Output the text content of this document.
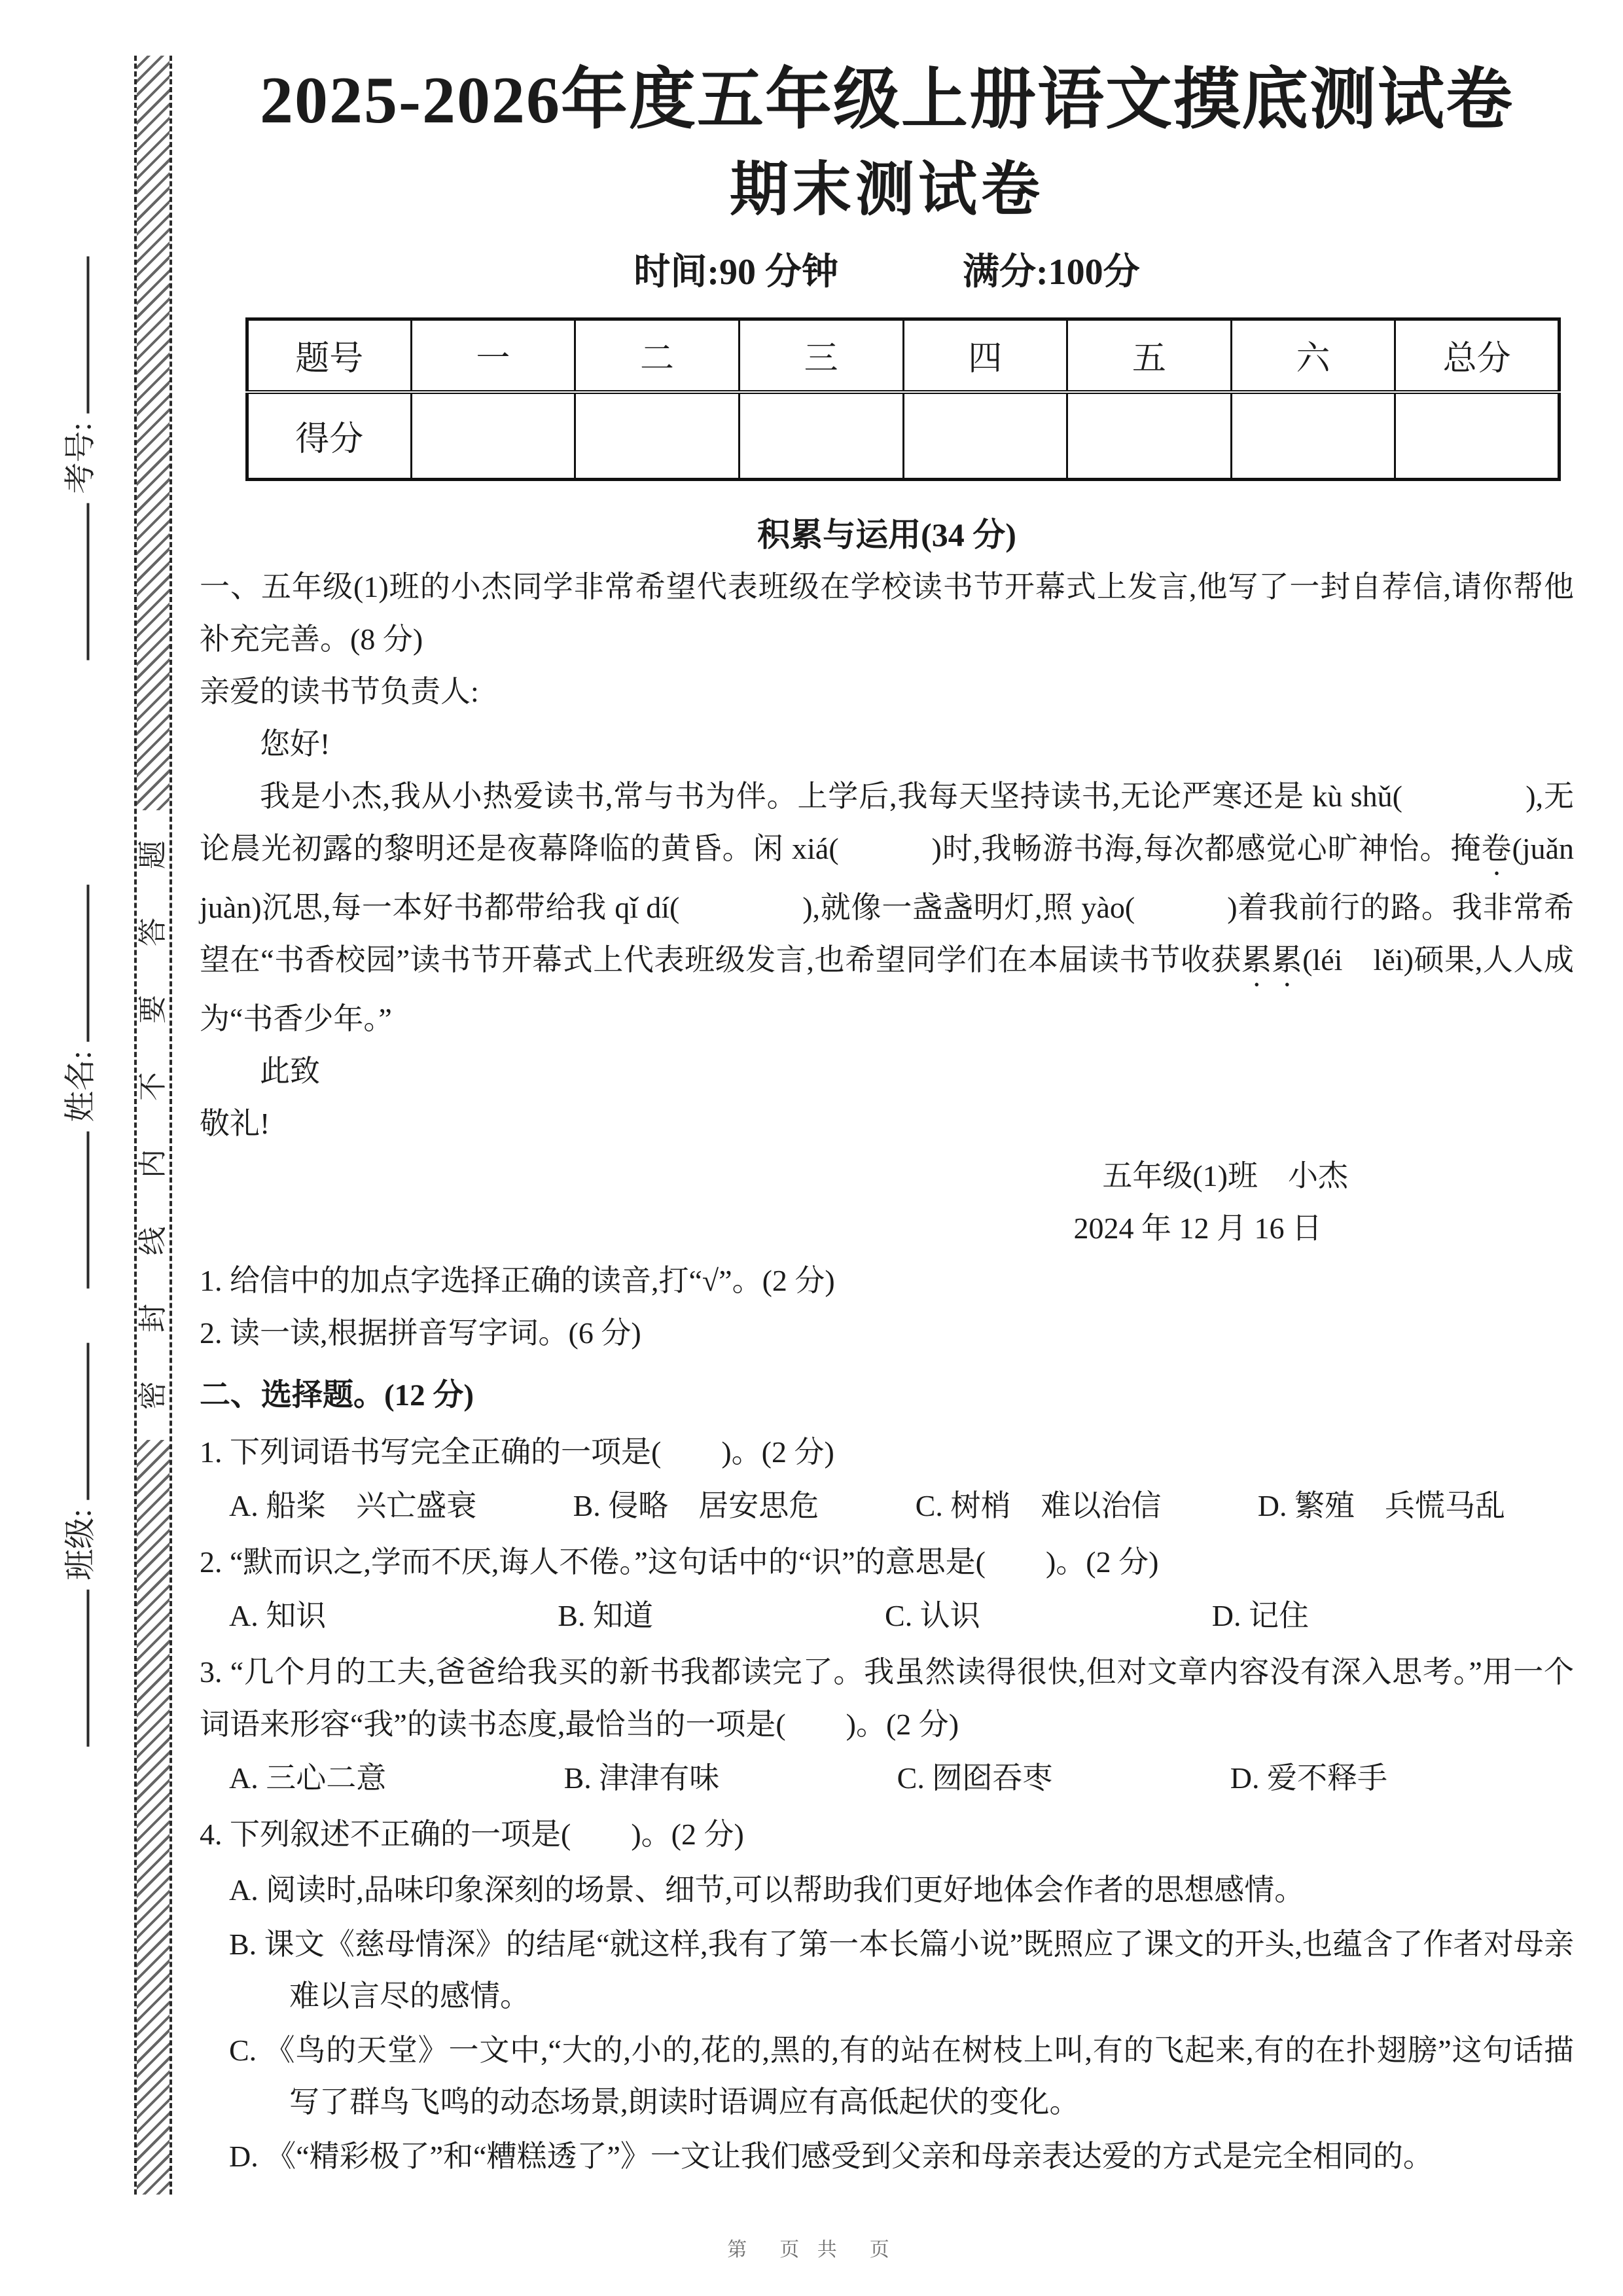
考号:
姓名:
班级:
题
答
要
不
内
线
封
密
2025-2026年度五年级上册语文摸底测试卷
期末测试卷
时间:90 分钟	满分:100分
题号	一	二	三	四	五	六	总分
得分							
积累与运用(34 分)

一、五年级(1)班的小杰同学非常希望代表班级在学校读书节开幕式上发言,他写了一封自荐信,请你帮他补充完善。(8 分)

亲爱的读书节负责人:

您好!

我是小杰,我从小热爱读书,常与书为伴。上学后,我每天坚持读书,无论严寒还是 kù shǔ(　　　　),无论晨光初露的黎明还是夜幕降临的黄昏。闲 xiá(　　　)时,我畅游书海,每次都感觉心旷神怡。掩卷(juǎn　juàn)沉思,每一本好书都带给我 qǐ dí(　　　　),就像一盏盏明灯,照 yào(　　　)着我前行的路。我非常希望在“书香校园”读书节开幕式上代表班级发言,也希望同学们在本届读书节收获累累(léi　lěi)硕果,人人成为“书香少年。”

此致

敬礼!

五年级(1)班　小杰
2024 年 12 月 16 日

1. 给信中的加点字选择正确的读音,打“√”。(2 分)

2. 读一读,根据拼音写字词。(6 分)

二、选择题。(12 分)
1. 下列词语书写完全正确的一项是(　　)。(2 分)
A. 船桨　兴亡盛衰	B. 侵略　居安思危	C. 树梢　难以治信	D. 繁殖　兵慌马乱
2. “默而识之,学而不厌,诲人不倦。”这句话中的“识”的意思是(　　)。(2 分)
A. 知识	B. 知道	C. 认识	D. 记住
3. “几个月的工夫,爸爸给我买的新书我都读完了。我虽然读得很快,但对文章内容没有深入思考。”用一个词语来形容“我”的读书态度,最恰当的一项是(　　)。(2 分)
A. 三心二意	B. 津津有味	C. 囫囵吞枣	D. 爱不释手
4. 下列叙述不正确的一项是(　　)。(2 分)
A. 阅读时,品味印象深刻的场景、细节,可以帮助我们更好地体会作者的思想感情。
B. 课文《慈母情深》的结尾“就这样,我有了第一本长篇小说”既照应了课文的开头,也蕴含了作者对母亲难以言尽的感情。
C. 《鸟的天堂》一文中,“大的,小的,花的,黑的,有的站在树枝上叫,有的飞起来,有的在扑翅膀”这句话描写了群鸟飞鸣的动态场景,朗读时语调应有高低起伏的变化。
D. 《“精彩极了”和“糟糕透了”》一文让我们感受到父亲和母亲表达爱的方式是完全相同的。
第　页 共　页
